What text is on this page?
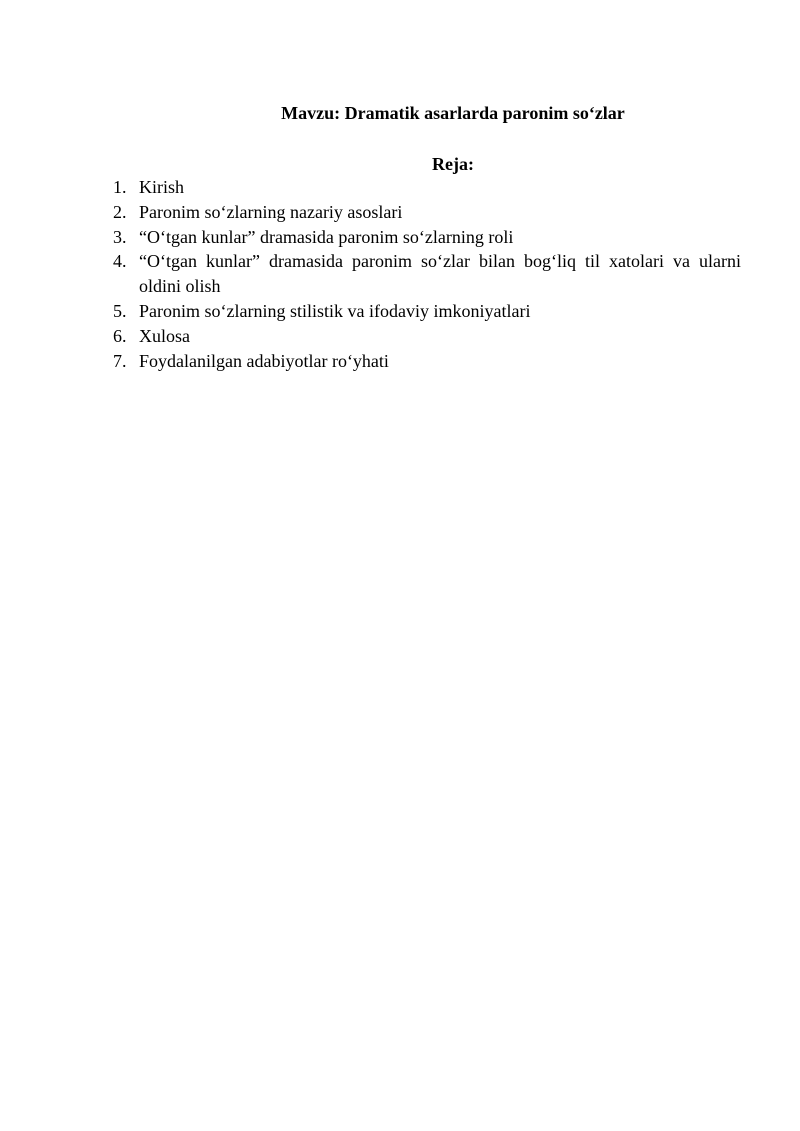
Mavzu: Dramatik asarlarda paronim so‘zlar
Reja:
1. Kirish
2. Paronim so‘zlarning nazariy asoslari
3. “O‘tgan kunlar” dramasida paronim so‘zlarning roli
4. “O‘tgan kunlar” dramasida paronim so‘zlar bilan bog‘liq til xatolari va ularni oldini olish
5. Paronim so‘zlarning stilistik va ifodaviy imkoniyatlari
6. Xulosa
7. Foydalanilgan adabiyotlar ro‘yhati
